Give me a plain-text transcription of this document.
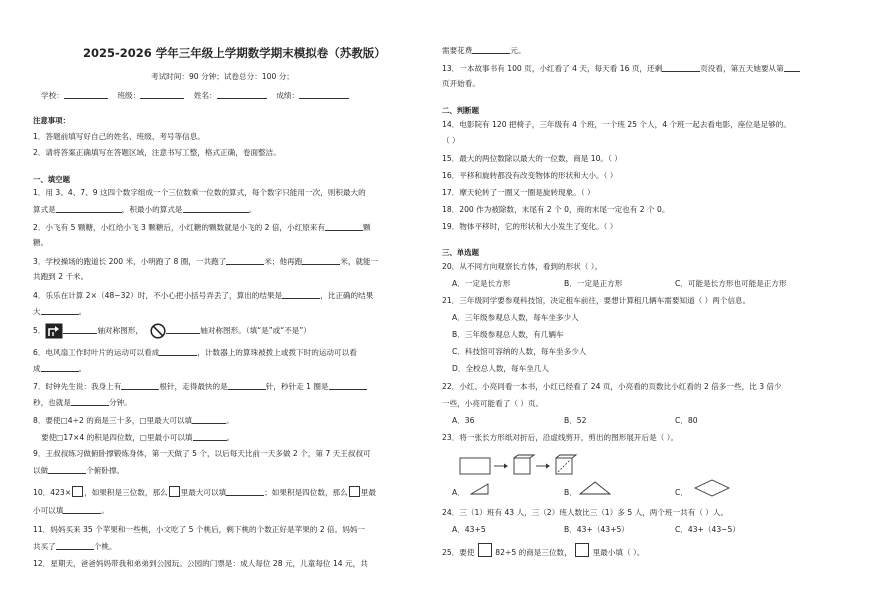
2025-2026 学年三年级上学期数学期末模拟卷（苏教版）
考试时间：90 分钟；试卷总分：100 分；
学校：	班级：	姓名：	成绩：
注意事项：
1．答题前填写好自己的姓名、班级、考号等信息。
2．请将答案正确填写在答题区域，注意书写工整，格式正确，卷面整洁。
一、填空题
1．用 3、4、7、9 这四个数字组成一个三位数乘一位数的算式，每个数字只能用一次，则积最大的
算式是	，积最小的算式是	。
2．小飞有 5 颗糖，小红给小飞 3 颗糖后，小红糖的颗数就是小飞的 2 倍，小红原来有	颗
糖。
3．学校操场的跑道长 200 米，小明跑了 8 圈，一共跑了	米；他再跑	米，就能一
共跑到 2 千米。
4．乐乐在计算 2×（48−32）时，不小心把小括号弄丢了，算出的结果是	，比正确的结果
大	。
5．	轴对称图形，	轴对称图形。（填“是”或“不是”）
6．电风扇工作时叶片的运动可以看成	，计数器上的算珠被拨上或拨下时的运动可以看
成	。
7．时钟先生说：我身上有	根针，走得最快的是	针，秒针走 1 圈是
秒，也就是	分钟。
8．要使□4÷2 的商是三十多，□里最大可以填	。
要使□17×4 的积是四位数，□里最小可以填	。
9．王叔叔练习做俯卧撑锻炼身体，第一天做了 5 个，以后每天比前一天多做 2 个，第 7 天王叔叔可
以做	个俯卧撑。
10．423× ，如果积是三位数，那么 里最大可以填	；如果积是四位数，那么 里最
小可以填	。
11．妈妈买来 35 个苹果和一些桃，小文吃了 5 个桃后，剩下桃的个数正好是苹果的 2 倍。妈妈一
共买了	个桃。
12．星期天，爸爸妈妈带我和弟弟到公园玩。公园的门票是：成人每位 28 元，儿童每位 14 元，共
需要花费	元。
13．一本故事书有 100 页，小红看了 4 天，每天看 16 页，还剩	页没看，第五天她要从第
页开始看。
二、判断题
14．电影院有 120 把椅子，三年级有 4 个班，一个班 25 个人，4 个班一起去看电影，座位是足够的。
（ ）
15．最大的两位数除以最大的一位数，商是 10。（ ）
16．平移和旋转都没有改变物体的形状和大小。（ ）
17．摩天轮转了一圈又一圈是旋转现象。（ ）
18．200 作为被除数，末尾有 2 个 0，商的末尾一定也有 2 个 0。
19．物体平移时，它的形状和大小发生了变化。（ ）
三、单选题
20．从不同方向观察长方体，看到的形状（ ）。
A．一定是长方形	B．一定是正方形	C．可能是长方形也可能是正方形
21．三年级同学要参观科技馆，决定租车前往，要想计算租几辆车需要知道（ ）两个信息。
A．三年级参观总人数，每车坐多少人
B．三年级参观总人数，有几辆车
C．科技馆可容纳的人数，每车坐多少人
D．全校总人数，每车坐几人
22．小红、小亮同看一本书，小红已经看了 24 页，小亮看的页数比小红看的 2 倍多一些，比 3 倍少
一些，小亮可能看了（ ）页。
A．36	B．52	C．80
23．将一张长方形纸对折后，沿虚线剪开，剪出的图形展开后是（ ）。
A．	B．	C．
24．三（1）班有 43 人，三（2）班人数比三（1）多 5 人，两个班一共有（ ）人。
A．43+5	B．43+（43+5）	C．43+（43−5）
25．要使	82÷5 的商是三位数，	里最小填（ ）。
